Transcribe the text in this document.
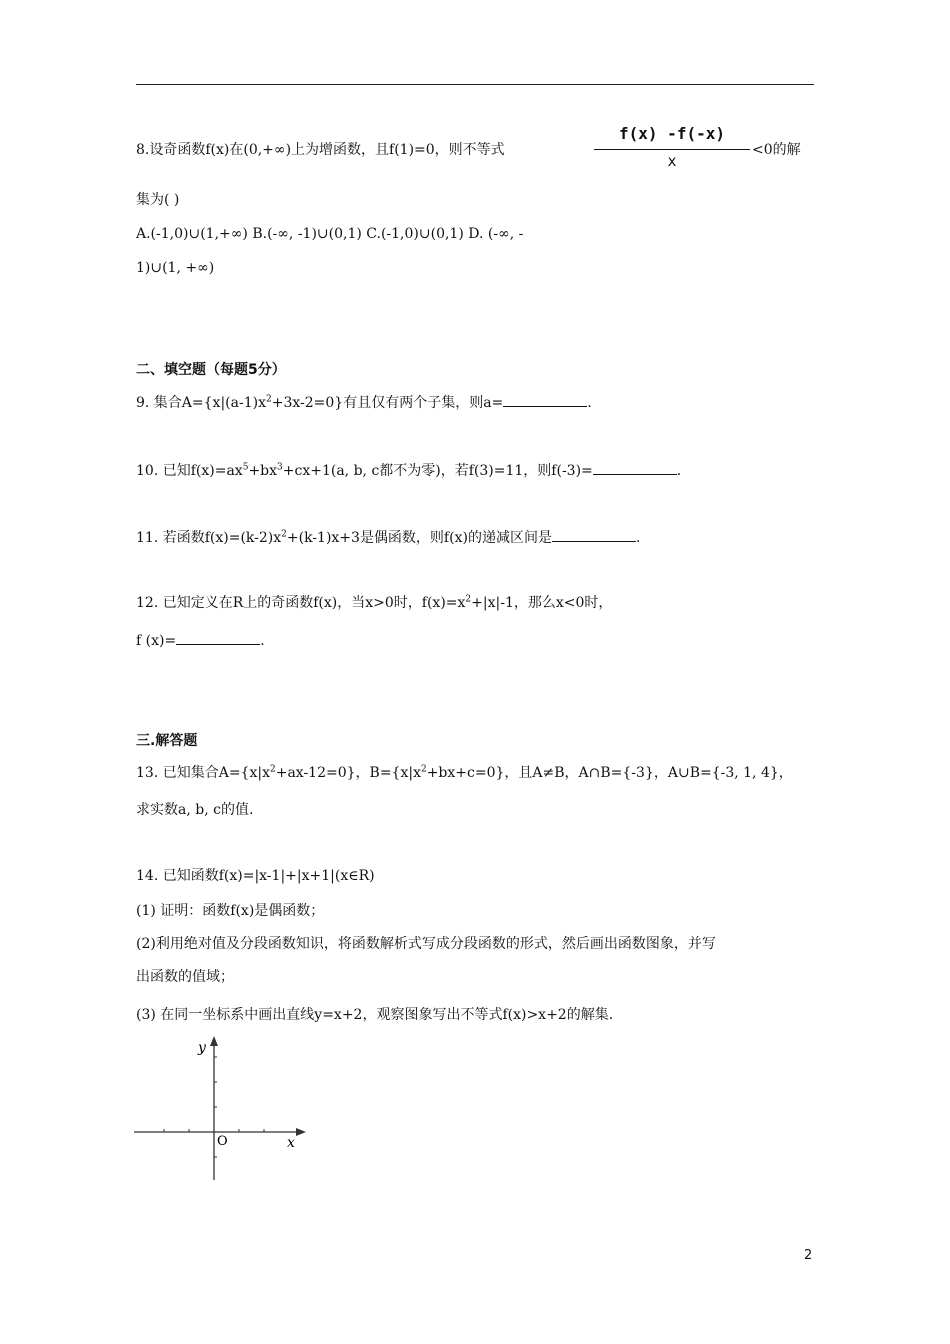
8.设奇函数f(x)在(0,+∞)上为增函数，且f(1)=0，则不等式
f(x) -f(-x)
x
<0的解
集为( )
A.(-1,0)∪(1,+∞) B.(-∞, -1)∪(0,1) C.(-1,0)∪(0,1) D. (-∞, -
1)∪(1, +∞)
二、填空题（每题5分）
9. 集合$A=\{x|(a-1)x^2+3x-2=0\}$有且仅有两个子集，则a=	.
10. 已知$f(x)=ax^5+bx^3+cx+1(a$, b, c都不为零)，若f(3)=11，则f(-3)=	.
11. 若函数$f(x)=(k-2)x^2+(k-1)x+3$是偶函数，则f(x)的递减区间是	.
12. 已知定义在R上的奇函数f(x)，当x>0时，$f(x)=x^2+|x|-1$，那么x<0时，
f (x)=	.
三.解答题
13. 已知集合$A=\{x|x^2+ax-12=0\}$，$B=\{x|x^2+bx+c=0\}$，且A≠B，A∩B={-3}，A∪B={-3, 1, 4}，
求实数a, b, c的值.
14. 已知函数f(x)=|x-1|+|x+1|(x∈R)
(1) 证明：函数f(x)是偶函数；
(2)利用绝对值及分段函数知识，将函数解析式写成分段函数的形式，然后画出函数图象，并写
出函数的值域；
(3) 在同一坐标系中画出直线y=x+2，观察图象写出不等式f(x)>x+2的解集.
y
x
O
2
